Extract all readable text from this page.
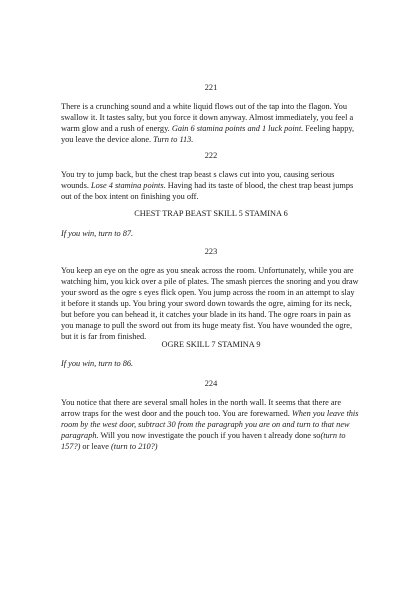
221

There is a crunching sound and a white liquid flows out of the tap into the flagon. You swallow it. It tastes salty, but you force it down anyway. Almost immediately, you feel a warm glow and a rush of energy. Gain 6 stamina points and 1 luck point. Feeling happy, you leave the device alone. Turn to 113.

222

You try to jump back, but the chest trap beast s claws cut into you, causing serious wounds. Lose 4 stamina points. Having had its taste of blood, the chest trap beast jumps out of the box intent on finishing you off.

CHEST TRAP BEAST SKILL 5 STAMINA 6

If you win, turn to 87.

223

You keep an eye on the ogre as you sneak across the room. Unfortunately, while you are watching him, you kick over a pile of plates. The smash pierces the snoring and you draw your sword as the ogre s eyes flick open. You jump across the room in an attempt to slay it before it stands up. You bring your sword down towards the ogre, aiming for its neck, but before you can behead it, it catches your blade in its hand. The ogre roars in pain as you manage to pull the sword out from its huge meaty fist. You have wounded the ogre, but it is far from finished.

OGRE SKILL 7 STAMINA 9

If you win, turn to 86.

224

You notice that there are several small holes in the north wall. It seems that there are arrow traps for the west door and the pouch too. You are forewarned. When you leave this room by the west door, subtract 30 from the paragraph you are on and turn to that new paragraph. Will you now investigate the pouch if you haven t already done so(turn to 157?) or leave (turn to 210?)
